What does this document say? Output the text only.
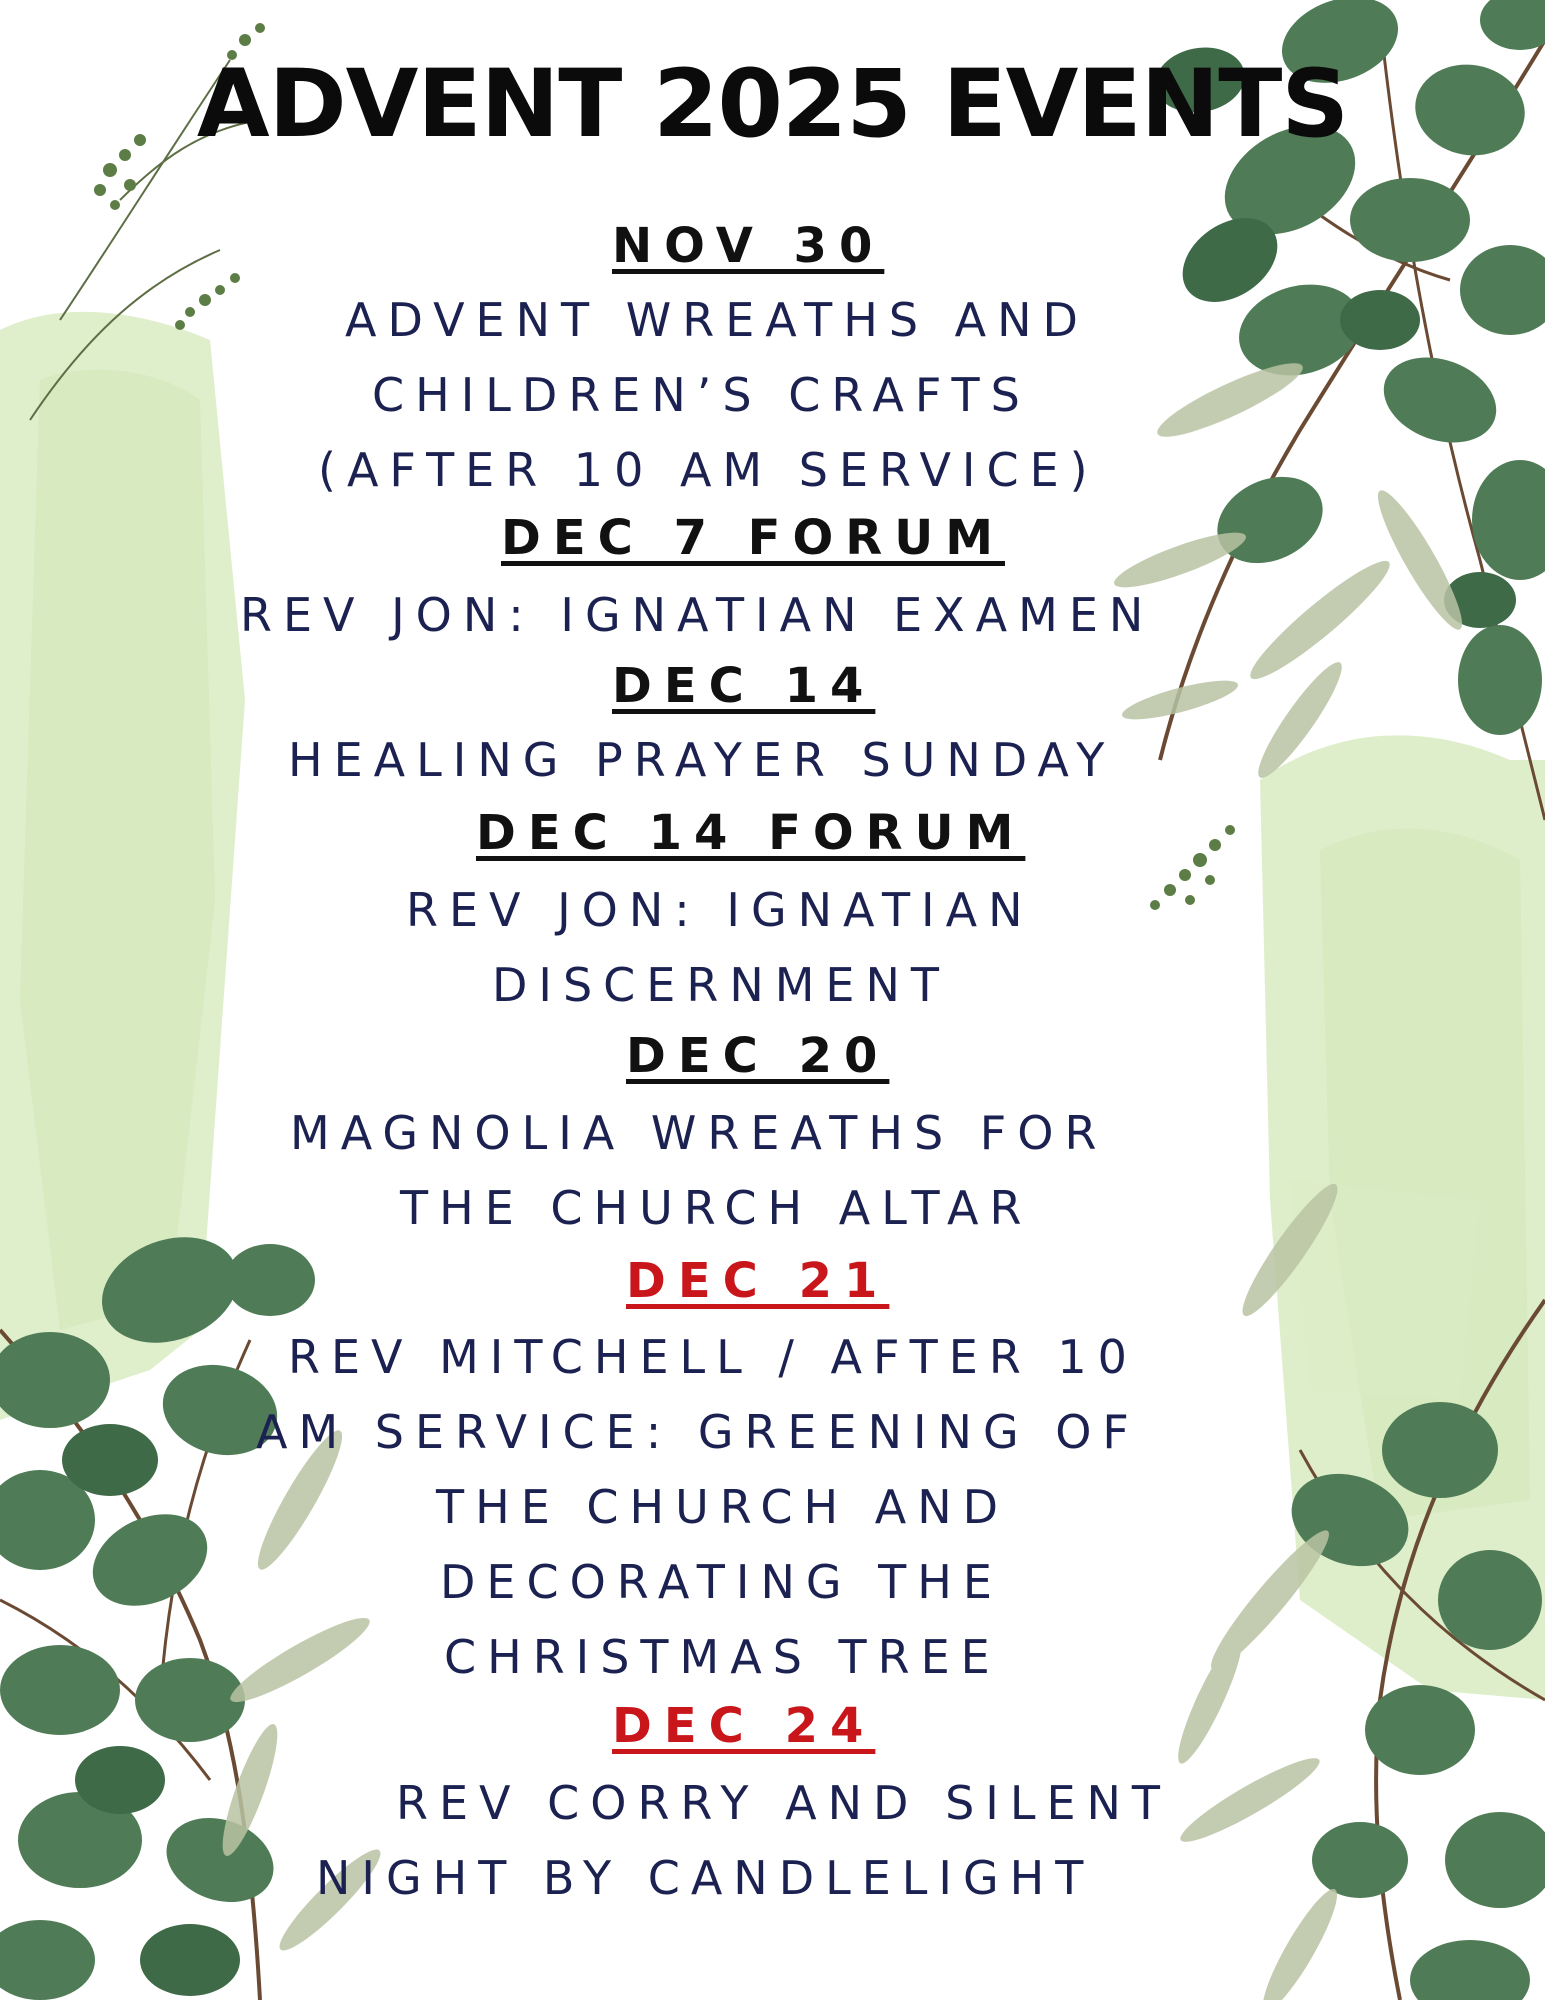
ADVENT 2025 EVENTS
NOV 30
ADVENT WREATHS AND
CHILDREN’S CRAFTS
(AFTER 10 AM SERVICE)
DEC 7 FORUM
REV JON: IGNATIAN EXAMEN
DEC 14
HEALING PRAYER SUNDAY
DEC 14 FORUM
REV JON: IGNATIAN
DISCERNMENT
DEC 20
MAGNOLIA WREATHS FOR
THE CHURCH ALTAR
DEC 21
REV MITCHELL / AFTER 10
AM SERVICE: GREENING OF
THE CHURCH AND
DECORATING THE
CHRISTMAS TREE
DEC 24
REV CORRY AND SILENT
NIGHT BY CANDLELIGHT
